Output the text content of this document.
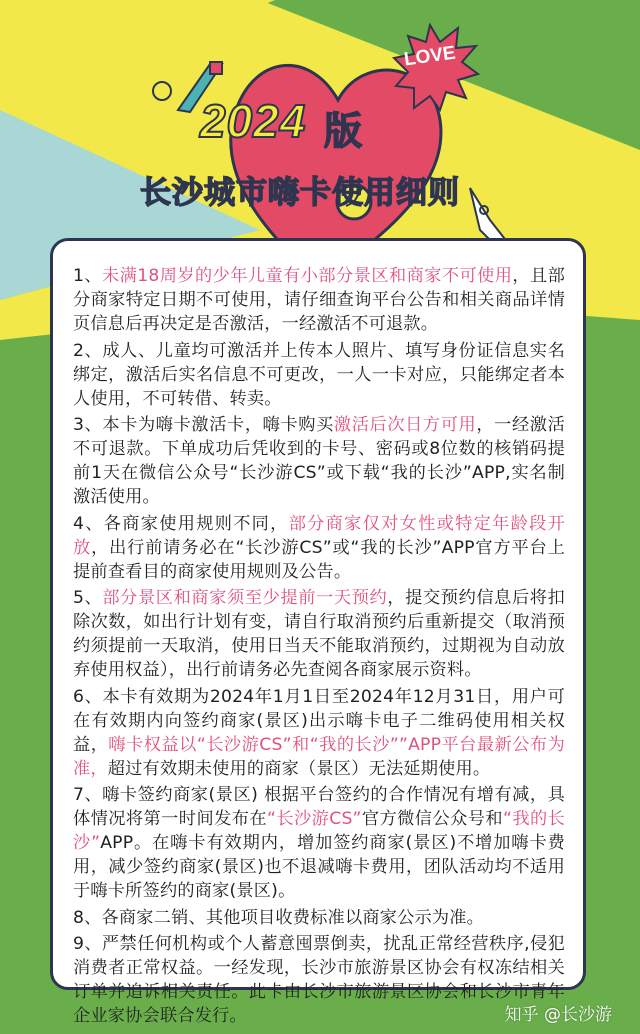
LOVE
2024 版
长沙城市嗨卡使用细则

1、未满18周岁的少年儿童有小部分景区和商家不可使用，且部分商家特定日期不可使用，请仔细查询平台公告和相关商品详情页信息后再决定是否激活，一经激活不可退款。

2、成人、儿童均可激活并上传本人照片、填写身份证信息实名绑定，激活后实名信息不可更改，一人一卡对应，只能绑定者本人使用，不可转借、转卖。

3、本卡为嗨卡激活卡，嗨卡购买激活后次日方可用，一经激活不可退款。下单成功后凭收到的卡号、密码或8位数的核销码提前1天在微信公众号“长沙游CS”或下载“我的长沙”APP,实名制激活使用。

4、各商家使用规则不同，部分商家仅对女性或特定年龄段开放，出行前请务必在“长沙游CS”或“我的长沙”APP官方平台上提前查看目的商家使用规则及公告。

5、部分景区和商家须至少提前一天预约，提交预约信息后将扣除次数，如出行计划有变，请自行取消预约后重新提交（取消预约须提前一天取消，使用日当天不能取消预约，过期视为自动放弃使用权益），出行前请务必先查阅各商家展示资料。

6、本卡有效期为2024年1月1日至2024年12月31日，用户可在有效期内向签约商家(景区)出示嗨卡电子二维码使用相关权益，嗨卡权益以“长沙游CS”和“我的长沙””APP平台最新公布为准，超过有效期未使用的商家（景区）无法延期使用。

7、嗨卡签约商家(景区) 根据平台签约的合作情况有增有减，具体情况将第一时间发布在“长沙游CS”官方微信公众号和“我的长沙”APP。在嗨卡有效期内，增加签约商家(景区)不增加嗨卡费用，减少签约商家(景区)也不退减嗨卡费用，团队活动均不适用于嗨卡所签约的商家(景区)。

8、各商家二销、其他项目收费标准以商家公示为准。

9、严禁任何机构或个人蓄意囤票倒卖，扰乱正常经营秩序,侵犯消费者正常权益。一经发现，长沙市旅游景区协会有权冻结相关订单并追诉相关责任。此卡由长沙市旅游景区协会和长沙市青年企业家协会联合发行。	知乎 @长沙游
